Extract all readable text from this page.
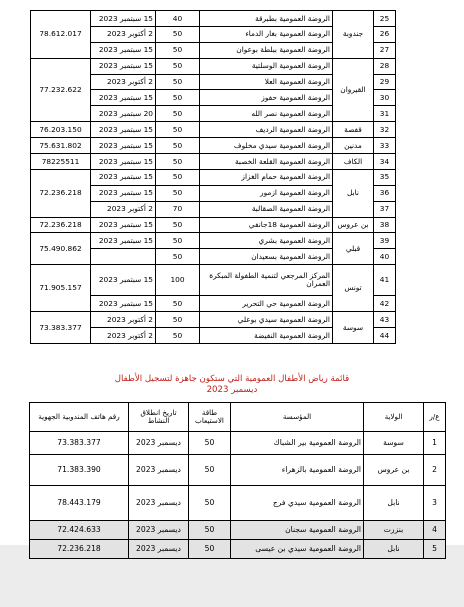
25	جندوبة	الروضة العمومية بطبرقة	40	15 سبتمبر 2023	78.612.017
26		الروضة العمومية بغار الدماء	50	2 أكتوبر 2023	
27		الروضة العمومية ببلطة بوعوان	50	15 سبتمبر 2023	
28	القيروان	الروضة العمومية الوسلتية	50	15 سبتمبر 2023	77.232.622
29		الروضة العمومية العلا	50	2 أكتوبر 2023	
30		الروضة العمومية حفوز	50	15 سبتمبر 2023	
31		الروضة العمومية نصر الله	50	20 سبتمبر 2023	
32	قفصة	الروضة العمومية الرديف	50	15 سبتمبر 2023	76.203.150
33	مدنين	الروضة العمومية سيدي مخلوف	50	15 سبتمبر 2023	75.631.802
34	الكاف	الروضة العمومية القلعة الخصبة	50	15 سبتمبر 2023	78225511
35	نابل	الروضة العمومية حمام الغزاز	50	15 سبتمبر 2023	72.236.218
36		الروضة العمومية ازمور	50	15 سبتمبر 2023	
37		الروضة العمومية الصقالبة	70	2 أكتوبر 2023	
38	بن عروس	الروضة العمومية 18جانفي	50	15 سبتمبر 2023	72.236.218
39	قبلي	الروضة العمومية بشري	50	15 سبتمبر 2023	75.490.862
40		الروضة العمومية بسعيدان	50		
41	تونس	المركز المرجعي لتنمية الطفولة المبكرة العمران	100	15 سبتمبر 2023	71.905.157
42		الروضة العمومية حي التحرير	50	15 سبتمبر 2023	
43	سوسة	الروضة العمومية سيدي بوعلي	50	2 أكتوبر 2023	73.383.377
44		الروضة العمومية النفيضة	50	2 أكتوبر 2023	
قائمة رياض الأطفال العمومية التي ستكون جاهزة لتسجيل الأطفال
ديسمبر 2023
ع/ر	الولاية	المؤسسة	طاقة الاستيعاب	تاريخ انطلاق النشاط	رقم هاتف المندوبية الجهوية
1	سوسة	الروضة العمومية بير الشباك	50	ديسمبر 2023	73.383.377
2	بن عروس	الروضة العمومية بالزهراء	50	ديسمبر 2023	71.383.390
3	نابل	الروضة العمومية سيدي فرج	50	ديسمبر 2023	78.443.179
4	بنزرت	الروضة العمومية سجنان	50	ديسمبر 2023	72.424.633
5	نابل	الروضة العمومية سيدي بن عيسى	50	ديسمبر 2023	72.236.218
